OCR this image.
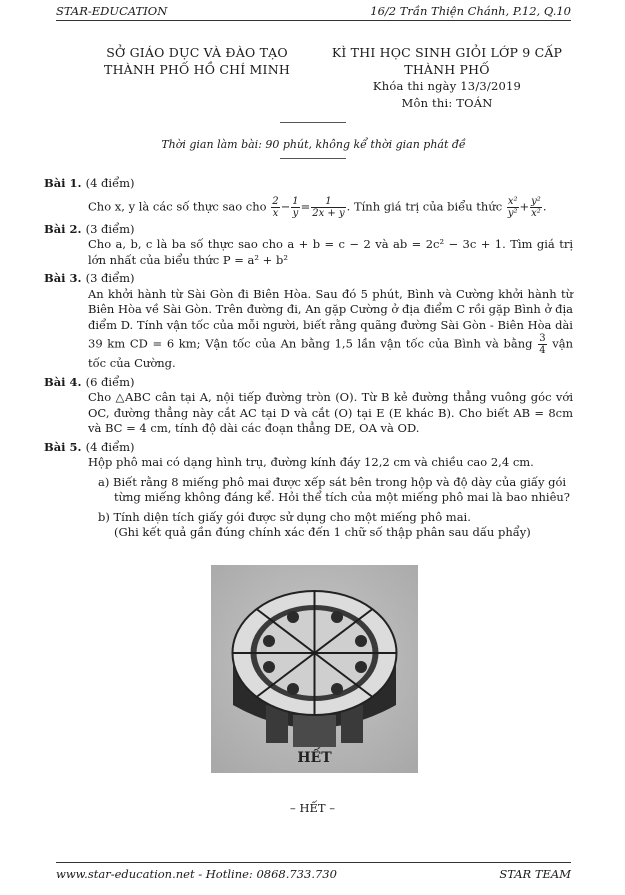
STAR-EDUCATION	16/2 Trần Thiện Chánh, P.12, Q.10
SỞ GIÁO DỤC VÀ ĐÀO TẠO
THÀNH PHỐ HỒ CHÍ MINH
KÌ THI HỌC SINH GIỎI LỚP 9 CẤP
THÀNH PHỐ
Khóa thi ngày 13/3/2019
Môn thi: TOÁN
Thời gian làm bài: 90 phút, không kể thời gian phát đề
Bài 1. (4 điểm)
Cho x, y là các số thực sao cho $\frac{2}{x} - \frac{1}{y} = \frac{1}{2x + y}$ . Tính giá trị của biểu thức $\frac{\text{x²}}{\text{y²}} + \frac{\text{y²}}{\text{x²}}$ .
Bài 2. (3 điểm)
Cho a, b, c là ba số thực sao cho a + b = c − 2 và ab = 2c² − 3c + 1. Tìm giá trị lớn nhất của biểu thức P = a² + b²
Bài 3. (3 điểm)
An khởi hành từ Sài Gòn đi Biên Hòa. Sau đó 5 phút, Bình và Cường khởi hành từ Biên Hòa về Sài Gòn. Trên đường đi, An gặp Cường ở địa điểm C rồi gặp Bình ở địa điểm D. Tính vận tốc của mỗi người, biết rằng quãng đường Sài Gòn - Biên Hòa dài 39 km CD = 6 km; Vận tốc của An bằng 1,5 lần vận tốc của Bình và bằng $\frac{3}{4}$ vận tốc của Cường.
Bài 4. (6 điểm)
Cho △ABC cân tại A, nội tiếp đường tròn (O). Từ B kẻ đường thẳng vuông góc với OC, đường thẳng này cắt AC tại D và cắt (O) tại E (E khác B). Cho biết AB = 8cm và BC = 4 cm, tính độ dài các đoạn thẳng DE, OA và OD.
Bài 5. (4 điểm)
Hộp phô mai có dạng hình trụ, đường kính đáy 12,2 cm và chiều cao 2,4 cm.
a) Biết rằng 8 miếng phô mai được xếp sát bên trong hộp và độ dày của giấy gói từng miếng không đáng kể. Hỏi thể tích của một miếng phô mai là bao nhiêu?
b) Tính diện tích giấy gói được sử dụng cho một miếng phô mai.
(Ghi kết quả gần đúng chính xác đến 1 chữ số thập phân sau dấu phẩy)
HẾT
– HẾT –
www.star-education.net - Hotline: 0868.733.730	STAR TEAM
